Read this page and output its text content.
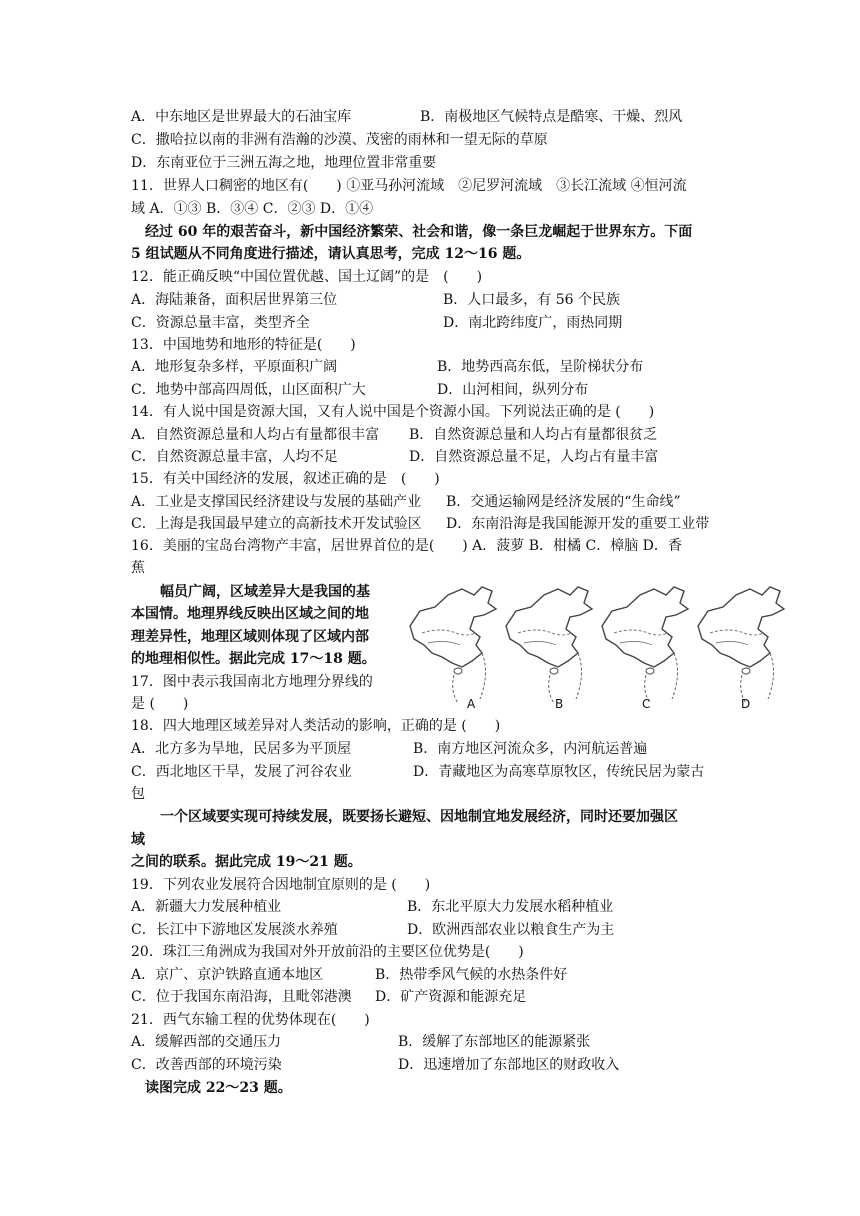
A．中东地区是世界最大的石油宝库	B．南极地区气候特点是酷寒、干燥、烈风
C．撒哈拉以南的非洲有浩瀚的沙漠、茂密的雨林和一望无际的草原
D．东南亚位于三洲五海之地，地理位置非常重要
11．世界人口稠密的地区有(　　) ①亚马孙河流域　②尼罗河流域　③长江流域 ④恒河流
域 A．①③ B．③④ C．②③ D．①④
经过 60 年的艰苦奋斗，新中国经济繁荣、社会和谐，像一条巨龙崛起于世界东方。下面
5 组试题从不同角度进行描述，请认真思考，完成 12～16 题。
12．能正确反映“中国位置优越、国土辽阔”的是　(　　)
A．海陆兼备，面积居世界第三位	B．人口最多，有 56 个民族
C．资源总量丰富，类型齐全	D．南北跨纬度广，雨热同期
13．中国地势和地形的特征是(　　)
A．地形复杂多样，平原面积广阔	B．地势西高东低，呈阶梯状分布
C．地势中部高四周低，山区面积广大	D．山河相间，纵列分布
14．有人说中国是资源大国，又有人说中国是个资源小国。下列说法正确的是 (　　)
A．自然资源总量和人均占有量都很丰富 B．自然资源总量和人均占有量都很贫乏
C．自然资源总量丰富，人均不足	D．自然资源总量不足，人均占有量丰富
15．有关中国经济的发展，叙述正确的是　(　　)
A．工业是支撑国民经济建设与发展的基础产业 B．交通运输网是经济发展的“生命线”
C．上海是我国最早建立的高新技术开发试验区 D．东南沿海是我国能源开发的重要工业带
16．美丽的宝岛台湾物产丰富，居世界首位的是(　　) A．菠萝 B．柑橘 C．樟脑 D．香
蕉
幅员广阔，区域差异大是我国的基
本国情。地理界线反映出区域之间的地
理差异性，地理区域则体现了区域内部
的地理相似性。据此完成 17～18 题。
17．图中表示我国南北方地理分界线的
是 (　　)	A	B	C	D
18．四大地理区域差异对人类活动的影响，正确的是 (　　)
A．北方多为旱地，民居多为平顶屋	B．南方地区河流众多，内河航运普遍
C．西北地区干旱，发展了河谷农业	D．青藏地区为高寒草原牧区，传统民居为蒙古
包
一个区域要实现可持续发展，既要扬长避短、因地制宜地发展经济，同时还要加强区
域
之间的联系。据此完成 19～21 题。
19．下列农业发展符合因地制宜原则的是 (　　)
A．新疆大力发展种植业	B．东北平原大力发展水稻种植业
C．长江中下游地区发展淡水养殖	D．欧洲西部农业以粮食生产为主
20．珠江三角洲成为我国对外开放前沿的主要区位优势是(　　)
A．京广、京沪铁路直通本地区	B．热带季风气候的水热条件好
C．位于我国东南沿海，且毗邻港澳 D．矿产资源和能源充足
21．西气东输工程的优势体现在(　　)
A．缓解西部的交通压力	B．缓解了东部地区的能源紧张
C．改善西部的环境污染	D．迅速增加了东部地区的财政收入
读图完成 22～23 题。
